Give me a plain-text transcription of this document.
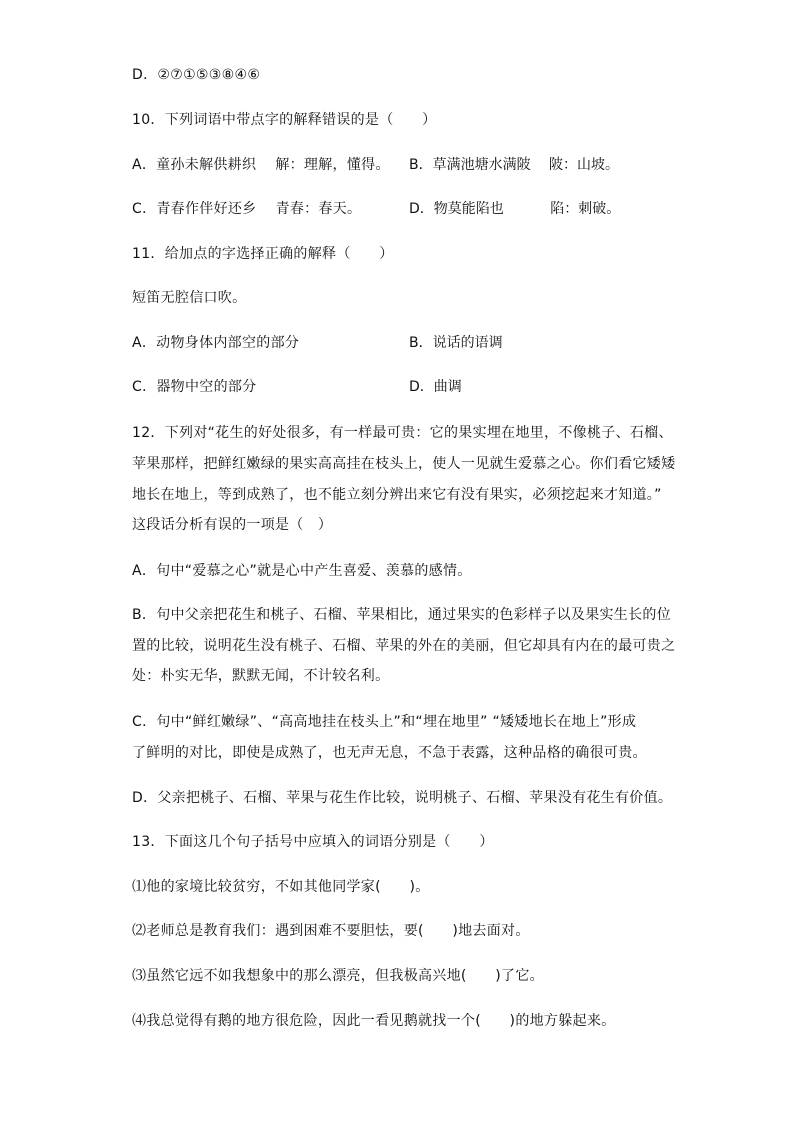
D．②⑦①⑤③⑧④⑥
10．下列词语中带点字的解释错误的是（　　）
A．童孙未解供耕织　 解：理解，懂得。 B．草满池塘水满陂　 陂：山坡。
C．青春作伴好还乡　 青春：春天。	D．物莫能陷也　　　 陷：刺破。
11．给加点的字选择正确的解释（　　）
短笛无腔信口吹。
A．动物身体内部空的部分	B．说话的语调
C．器物中空的部分	D．曲调
12．下列对“花生的好处很多，有一样最可贵：它的果实埋在地里，不像桃子、石榴、
苹果那样，把鲜红嫩绿的果实高高挂在枝头上，使人一见就生爱慕之心。你们看它矮矮
地长在地上，等到成熟了，也不能立刻分辨出来它有没有果实，必须挖起来才知道。”
这段话分析有误的一项是（　）
A．句中“爱慕之心”就是心中产生喜爱、羡慕的感情。
B．句中父亲把花生和桃子、石榴、苹果相比，通过果实的色彩样子以及果实生长的位
置的比较，说明花生没有桃子、石榴、苹果的外在的美丽，但它却具有内在的最可贵之
处：朴实无华，默默无闻，不计较名利。
C．句中“鲜红嫩绿”、“高高地挂在枝头上”和“埋在地里” “矮矮地长在地上”形成
了鲜明的对比，即使是成熟了，也无声无息，不急于表露，这种品格的确很可贵。
D．父亲把桃子、石榴、苹果与花生作比较，说明桃子、石榴、苹果没有花生有价值。
13．下面这几个句子括号中应填入的词语分别是（　　）
⑴他的家境比较贫穷，不如其他同学家(　　)。
⑵老师总是教育我们：遇到困难不要胆怯，要(　　)地去面对。
⑶虽然它远不如我想象中的那么漂亮，但我极高兴地(　　)了它。
⑷我总觉得有鹅的地方很危险，因此一看见鹅就找一个(　　)的地方躲起来。
